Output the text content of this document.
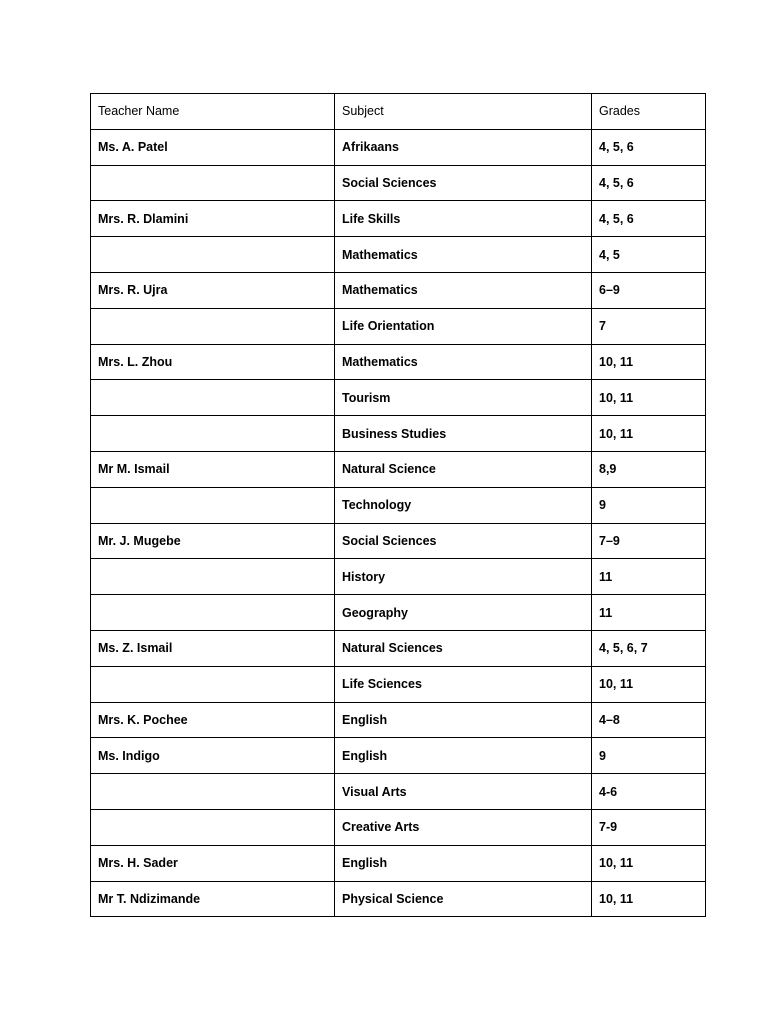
Teacher Name	Subject	Grades
Ms. A. Patel	Afrikaans	4, 5, 6
	Social Sciences	4, 5, 6
Mrs. R. Dlamini	Life Skills	4, 5, 6
	Mathematics	4, 5
Mrs. R. Ujra	Mathematics	6–9
	Life Orientation	7
Mrs. L. Zhou	Mathematics	10, 11
	Tourism	10, 11
	Business Studies	10, 11
Mr M. Ismail	Natural Science	8,9
	Technology	9
Mr. J. Mugebe	Social Sciences	7–9
	History	11
	Geography	11
Ms. Z. Ismail	Natural Sciences	4, 5, 6, 7
	Life Sciences	10, 11
Mrs. K. Pochee	English	4–8
Ms. Indigo	English	9
	Visual Arts	4-6
	Creative Arts	7-9
Mrs. H. Sader	English	10, 11
Mr T. Ndizimande	Physical Science	10, 11
